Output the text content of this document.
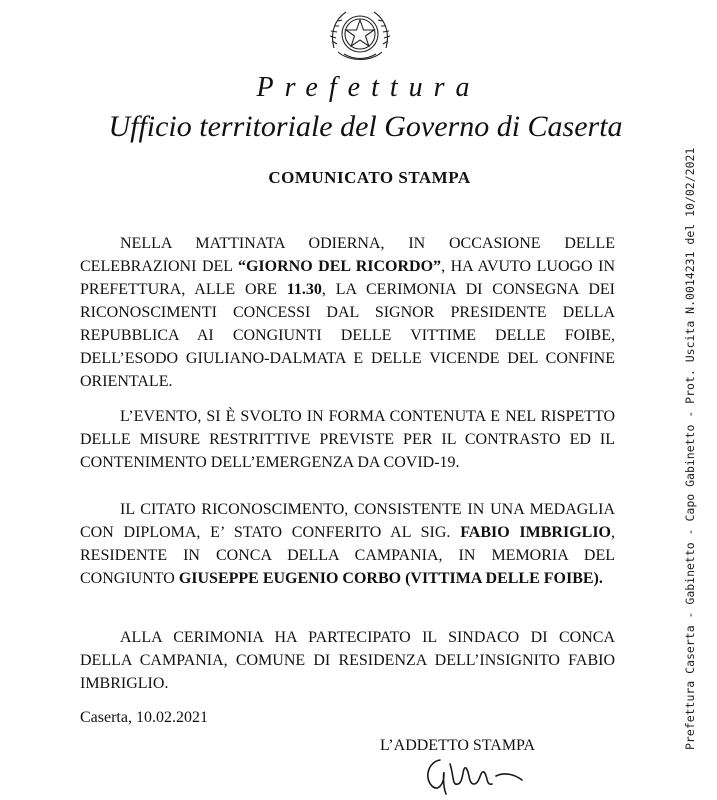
Prefettura
Ufficio territoriale del Governo di Caserta
COMUNICATO STAMPA
NELLA MATTINATA ODIERNA, IN OCCASIONE DELLE CELEBRAZIONI DEL “GIORNO DEL RICORDO”, HA AVUTO LUOGO IN PREFETTURA, ALLE ORE 11.30, LA CERIMONIA DI CONSEGNA DEI RICONOSCIMENTI CONCESSI DAL SIGNOR PRESIDENTE DELLA REPUBBLICA AI CONGIUNTI DELLE VITTIME DELLE FOIBE, DELL’ESODO GIULIANO-DALMATA E DELLE VICENDE DEL CONFINE ORIENTALE.
L’EVENTO, SI È SVOLTO IN FORMA CONTENUTA E NEL RISPETTO DELLE MISURE RESTRITTIVE PREVISTE PER IL CONTRASTO ED IL CONTENIMENTO DELL’EMERGENZA DA COVID-19.
IL CITATO RICONOSCIMENTO, CONSISTENTE IN UNA MEDAGLIA CON DIPLOMA, E’ STATO CONFERITO AL SIG. FABIO IMBRIGLIO, RESIDENTE IN CONCA DELLA CAMPANIA, IN MEMORIA DEL CONGIUNTO GIUSEPPE EUGENIO CORBO (VITTIMA DELLE FOIBE).
ALLA CERIMONIA HA PARTECIPATO IL SINDACO DI CONCA DELLA CAMPANIA, COMUNE DI RESIDENZA DELL’INSIGNITO FABIO IMBRIGLIO.
Caserta, 10.02.2021
L’ADDETTO STAMPA	Prefettura Caserta - Gabinetto - Capo Gabinetto - Prot. Uscita N.0014231 del 10/02/2021
